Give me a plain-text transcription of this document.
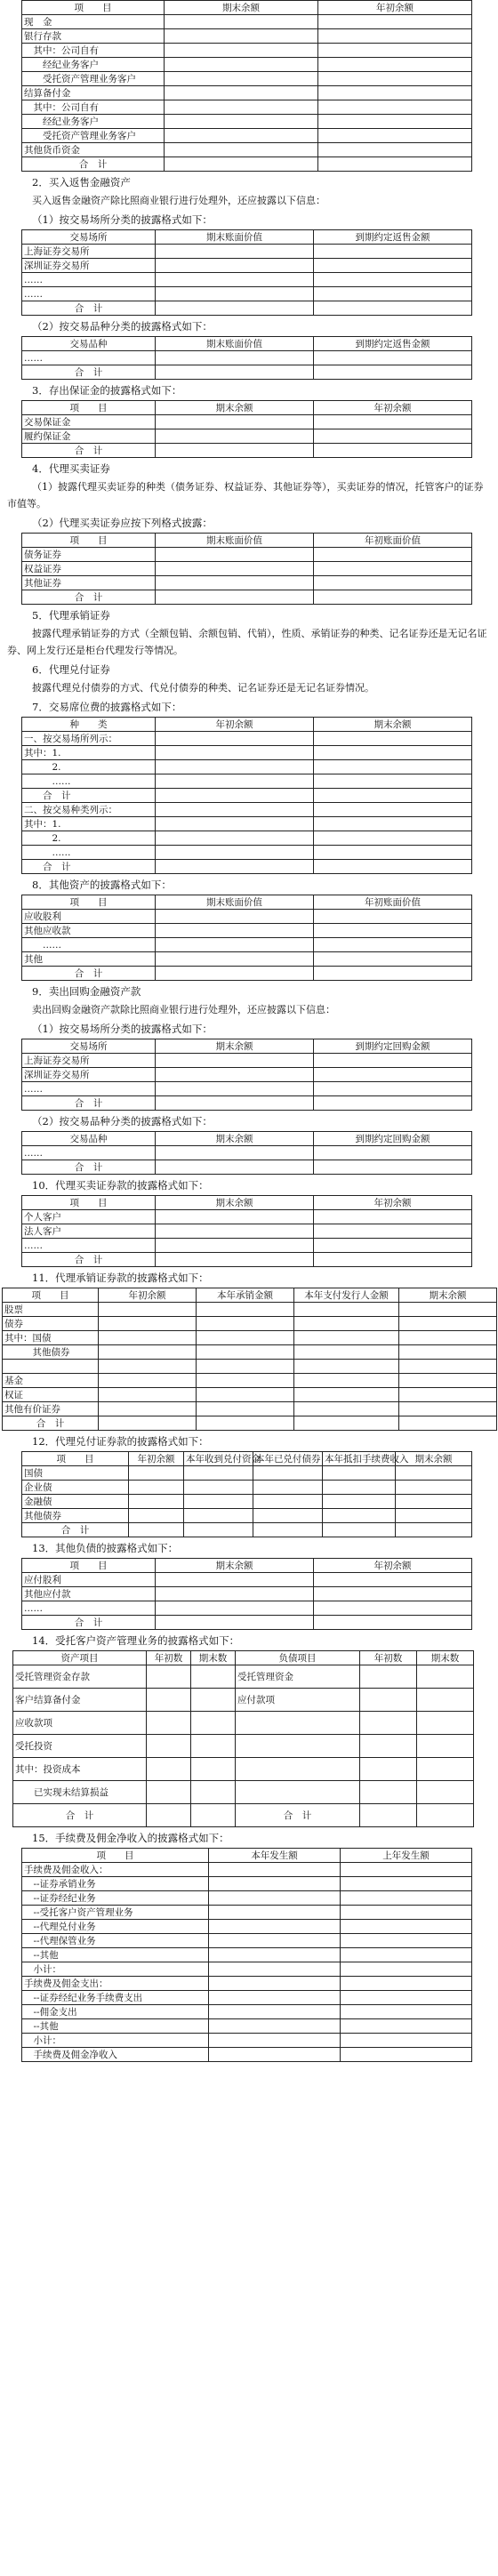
项　　目	期末余额	年初余额
现　金		
银行存款		
　其中：公司自有		
　　经纪业务客户		
　　受托资产管理业务客户		
结算备付金		
　其中：公司自有		
　　经纪业务客户		
　　受托资产管理业务客户		
其他货币资金		
合　计		
2．买入返售金融资产
买入返售金融资产除比照商业银行进行处理外，还应披露以下信息：
（1）按交易场所分类的披露格式如下：
交易场所	期末账面价值	到期约定返售金额
上海证券交易所		
深圳证券交易所		
……		
……		
合　计		
（2）按交易品种分类的披露格式如下：
交易品种	期末账面价值	到期约定返售金额
……		
合　计		
3．存出保证金的披露格式如下：
项　　目	期末余额	年初余额
交易保证金		
履约保证金		
合　计		
4．代理买卖证券
（1）披露代理买卖证券的种类（债务证券、权益证券、其他证券等），买卖证券的情况，托管客户的证券市值等。
（2）代理买卖证券应按下列格式披露：
项　　目	期末账面价值	年初账面价值
债务证券		
权益证券		
其他证券		
合　计		
5．代理承销证券
披露代理承销证券的方式（全额包销、余额包销、代销），性质、承销证券的种类、记名证券还是无记名证券、网上发行还是柜台代理发行等情况。
6．代理兑付证券
披露代理兑付债券的方式、代兑付债券的种类、记名证券还是无记名证券情况。
7．交易席位费的披露格式如下：
种　　类	年初余额	期末余额
一、按交易场所列示：		
其中：1.		
　　　2.		
　　　……		
　　合　计		
二、按交易种类列示：		
其中：1.		
　　　2.		
　　　……		
　　合　计		
8．其他资产的披露格式如下：
项　　目	期末账面价值	年初账面价值
应收股利		
其他应收款		
　　……		
其他		
合　计		
9．卖出回购金融资产款
卖出回购金融资产款除比照商业银行进行处理外，还应披露以下信息：
（1）按交易场所分类的披露格式如下：
交易场所	期末余额	到期约定回购金额
上海证券交易所		
深圳证券交易所		
……		
合　计		
（2）按交易品种分类的披露格式如下：
交易品种	期末余额	到期约定回购金额
……		
合　计		
10．代理买卖证券款的披露格式如下：
项　　目	期末余额	年初余额
个人客户		
法人客户		
……		
合　计		
11．代理承销证券款的披露格式如下：
项　　目	年初余额	本年承销金额	本年支付发行人金额	期末余额
股票				
债券				
其中：国债				
　　　其他债券				

基金				
权证				
其他有价证券				
合　计				
12．代理兑付证券款的披露格式如下：
项　　目	年初余额	本年收到兑付资金	本年已兑付债券	本年抵扣手续费收入	期末余额
国债					
企业债					
金融债					
其他债券					
合　计					
13．其他负债的披露格式如下：
项　　目	期末余额	年初余额
应付股利		
其他应付款		
……		
合　计		
14．受托客户资产管理业务的披露格式如下：
资产项目	年初数	期末数	负债项目	年初数	期末数
受托管理资金存款			受托管理资金		
客户结算备付金			应付款项		
应收款项					
受托投资					
其中：投资成本					
　　已实现未结算损益					
合　计			合　计		
15．手续费及佣金净收入的披露格式如下：
项　　目	本年发生额	上年发生额
手续费及佣金收入：		
　--证券承销业务		
　--证券经纪业务		
　--受托客户资产管理业务		
　--代理兑付业务		
　--代理保管业务		
　--其他		
　小计：		
手续费及佣金支出：		
　--证券经纪业务手续费支出		
　--佣金支出		
　--其他		
　小计：		
　手续费及佣金净收入		
